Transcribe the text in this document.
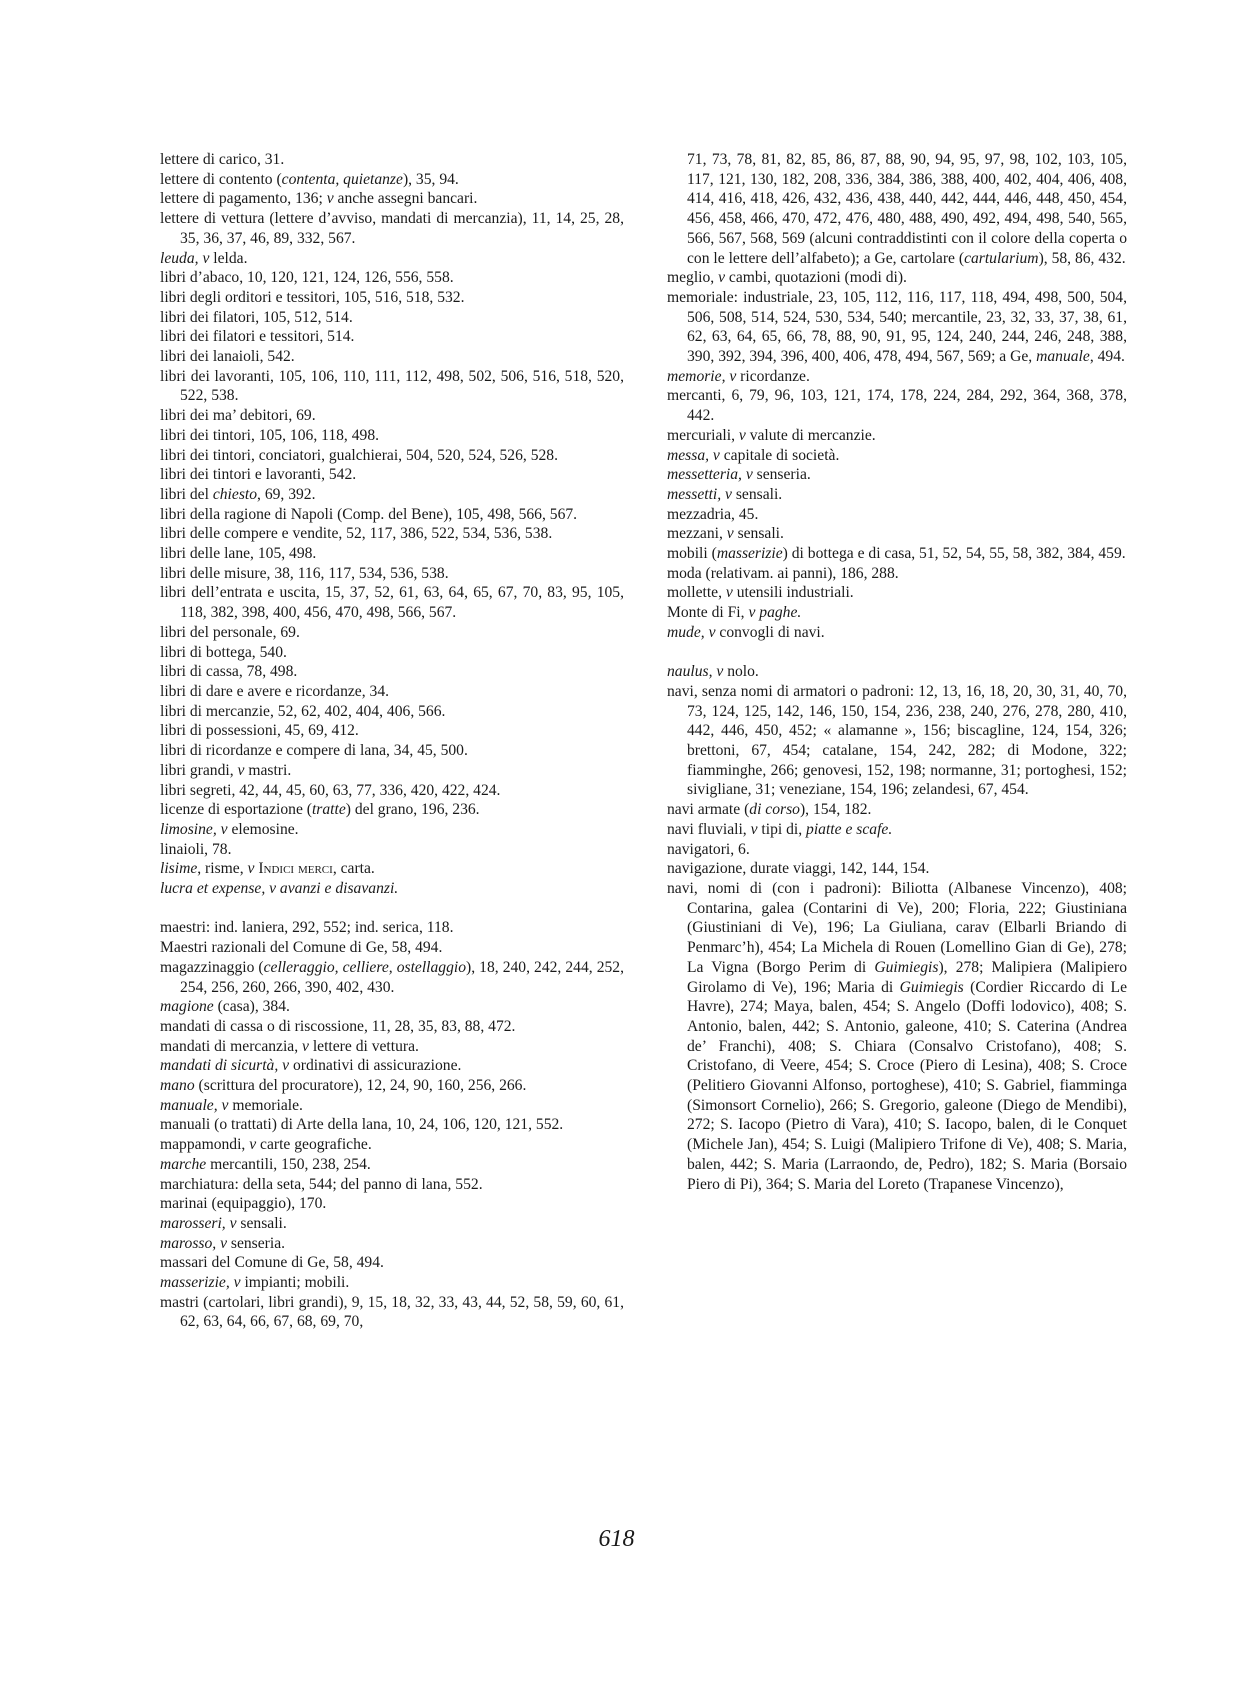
lettere di carico, 31.

lettere di contento (contenta, quietanze), 35, 94.

lettere di pagamento, 136; v anche assegni bancari.

lettere di vettura (lettere d’avviso, mandati di mercanzia), 11, 14, 25, 28, 35, 36, 37, 46, 89, 332, 567.

leuda, v lelda.

libri d’abaco, 10, 120, 121, 124, 126, 556, 558.

libri degli orditori e tessitori, 105, 516, 518, 532.

libri dei filatori, 105, 512, 514.

libri dei filatori e tessitori, 514.

libri dei lanaioli, 542.

libri dei lavoranti, 105, 106, 110, 111, 112, 498, 502, 506, 516, 518, 520, 522, 538.

libri dei ma’ debitori, 69.

libri dei tintori, 105, 106, 118, 498.

libri dei tintori, conciatori, gualchierai, 504, 520, 524, 526, 528.

libri dei tintori e lavoranti, 542.

libri del chiesto, 69, 392.

libri della ragione di Napoli (Comp. del Bene), 105, 498, 566, 567.

libri delle compere e vendite, 52, 117, 386, 522, 534, 536, 538.

libri delle lane, 105, 498.

libri delle misure, 38, 116, 117, 534, 536, 538.

libri dell’entrata e uscita, 15, 37, 52, 61, 63, 64, 65, 67, 70, 83, 95, 105, 118, 382, 398, 400, 456, 470, 498, 566, 567.

libri del personale, 69.

libri di bottega, 540.

libri di cassa, 78, 498.

libri di dare e avere e ricordanze, 34.

libri di mercanzie, 52, 62, 402, 404, 406, 566.

libri di possessioni, 45, 69, 412.

libri di ricordanze e compere di lana, 34, 45, 500.

libri grandi, v mastri.

libri segreti, 42, 44, 45, 60, 63, 77, 336, 420, 422, 424.

licenze di esportazione (tratte) del grano, 196, 236.

limosine, v elemosine.

linaioli, 78.

lisime, risme, v Indici merci, carta.

lucra et expense, v avanzi e disavanzi.

maestri: ind. laniera, 292, 552; ind. serica, 118.

Maestri razionali del Comune di Ge, 58, 494.

magazzinaggio (celleraggio, celliere, ostellaggio), 18, 240, 242, 244, 252, 254, 256, 260, 266, 390, 402, 430.

magione (casa), 384.

mandati di cassa o di riscossione, 11, 28, 35, 83, 88, 472.

mandati di mercanzia, v lettere di vettura.

mandati di sicurtà, v ordinativi di assicurazione.

mano (scrittura del procuratore), 12, 24, 90, 160, 256, 266.

manuale, v memoriale.

manuali (o trattati) di Arte della lana, 10, 24, 106, 120, 121, 552.

mappamondi, v carte geografiche.

marche mercantili, 150, 238, 254.

marchiatura: della seta, 544; del panno di lana, 552.

marinai (equipaggio), 170.

marosseri, v sensali.

marosso, v senseria.

massari del Comune di Ge, 58, 494.

masserizie, v impianti; mobili.

mastri (cartolari, libri grandi), 9, 15, 18, 32, 33, 43, 44, 52, 58, 59, 60, 61, 62, 63, 64, 66, 67, 68, 69, 70,

71, 73, 78, 81, 82, 85, 86, 87, 88, 90, 94, 95, 97, 98, 102, 103, 105, 117, 121, 130, 182, 208, 336, 384, 386, 388, 400, 402, 404, 406, 408, 414, 416, 418, 426, 432, 436, 438, 440, 442, 444, 446, 448, 450, 454, 456, 458, 466, 470, 472, 476, 480, 488, 490, 492, 494, 498, 540, 565, 566, 567, 568, 569 (alcuni contraddistinti con il colore della coperta o con le lettere dell’alfabeto); a Ge, cartolare (cartularium), 58, 86, 432.

meglio, v cambi, quotazioni (modi di).

memoriale: industriale, 23, 105, 112, 116, 117, 118, 494, 498, 500, 504, 506, 508, 514, 524, 530, 534, 540; mercantile, 23, 32, 33, 37, 38, 61, 62, 63, 64, 65, 66, 78, 88, 90, 91, 95, 124, 240, 244, 246, 248, 388, 390, 392, 394, 396, 400, 406, 478, 494, 567, 569; a Ge, manuale, 494.

memorie, v ricordanze.

mercanti, 6, 79, 96, 103, 121, 174, 178, 224, 284, 292, 364, 368, 378, 442.

mercuriali, v valute di mercanzie.

messa, v capitale di società.

messetteria, v senseria.

messetti, v sensali.

mezzadria, 45.

mezzani, v sensali.

mobili (masserizie) di bottega e di casa, 51, 52, 54, 55, 58, 382, 384, 459.

moda (relativam. ai panni), 186, 288.

mollette, v utensili industriali.

Monte di Fi, v paghe.

mude, v convogli di navi.

naulus, v nolo.

navi, senza nomi di armatori o padroni: 12, 13, 16, 18, 20, 30, 31, 40, 70, 73, 124, 125, 142, 146, 150, 154, 236, 238, 240, 276, 278, 280, 410, 442, 446, 450, 452; « alamanne », 156; biscagline, 124, 154, 326; brettoni, 67, 454; catalane, 154, 242, 282; di Modone, 322; fiamminghe, 266; genovesi, 152, 198; normanne, 31; portoghesi, 152; sivigliane, 31; veneziane, 154, 196; zelandesi, 67, 454.

navi armate (di corso), 154, 182.

navi fluviali, v tipi di, piatte e scafe.

navigatori, 6.

navigazione, durate viaggi, 142, 144, 154.

navi, nomi di (con i padroni): Biliotta (Albanese Vincenzo), 408; Contarina, galea (Contarini di Ve), 200; Floria, 222; Giustiniana (Giustiniani di Ve), 196; La Giuliana, carav (Elbarli Briando di Penmarc’h), 454; La Michela di Rouen (Lomellino Gian di Ge), 278; La Vigna (Borgo Perim di Guimiegis), 278; Malipiera (Malipiero Girolamo di Ve), 196; Maria di Guimiegis (Cordier Riccardo di Le Havre), 274; Maya, balen, 454; S. Angelo (Doffi lodovico), 408; S. Antonio, balen, 442; S. Antonio, galeone, 410; S. Caterina (Andrea de’ Franchi), 408; S. Chiara (Consalvo Cristofano), 408; S. Cristofano, di Veere, 454; S. Croce (Piero di Lesina), 408; S. Croce (Pelitiero Giovanni Alfonso, portoghese), 410; S. Gabriel, fiamminga (Simonsort Cornelio), 266; S. Gregorio, galeone (Diego de Mendibi), 272; S. Iacopo (Pietro di Vara), 410; S. Iacopo, balen, di le Conquet (Michele Jan), 454; S. Luigi (Malipiero Trifone di Ve), 408; S. Maria, balen, 442; S. Maria (Larraondo, de, Pedro), 182; S. Maria (Borsaio Piero di Pi), 364; S. Maria del Loreto (Trapanese Vincenzo),

618
